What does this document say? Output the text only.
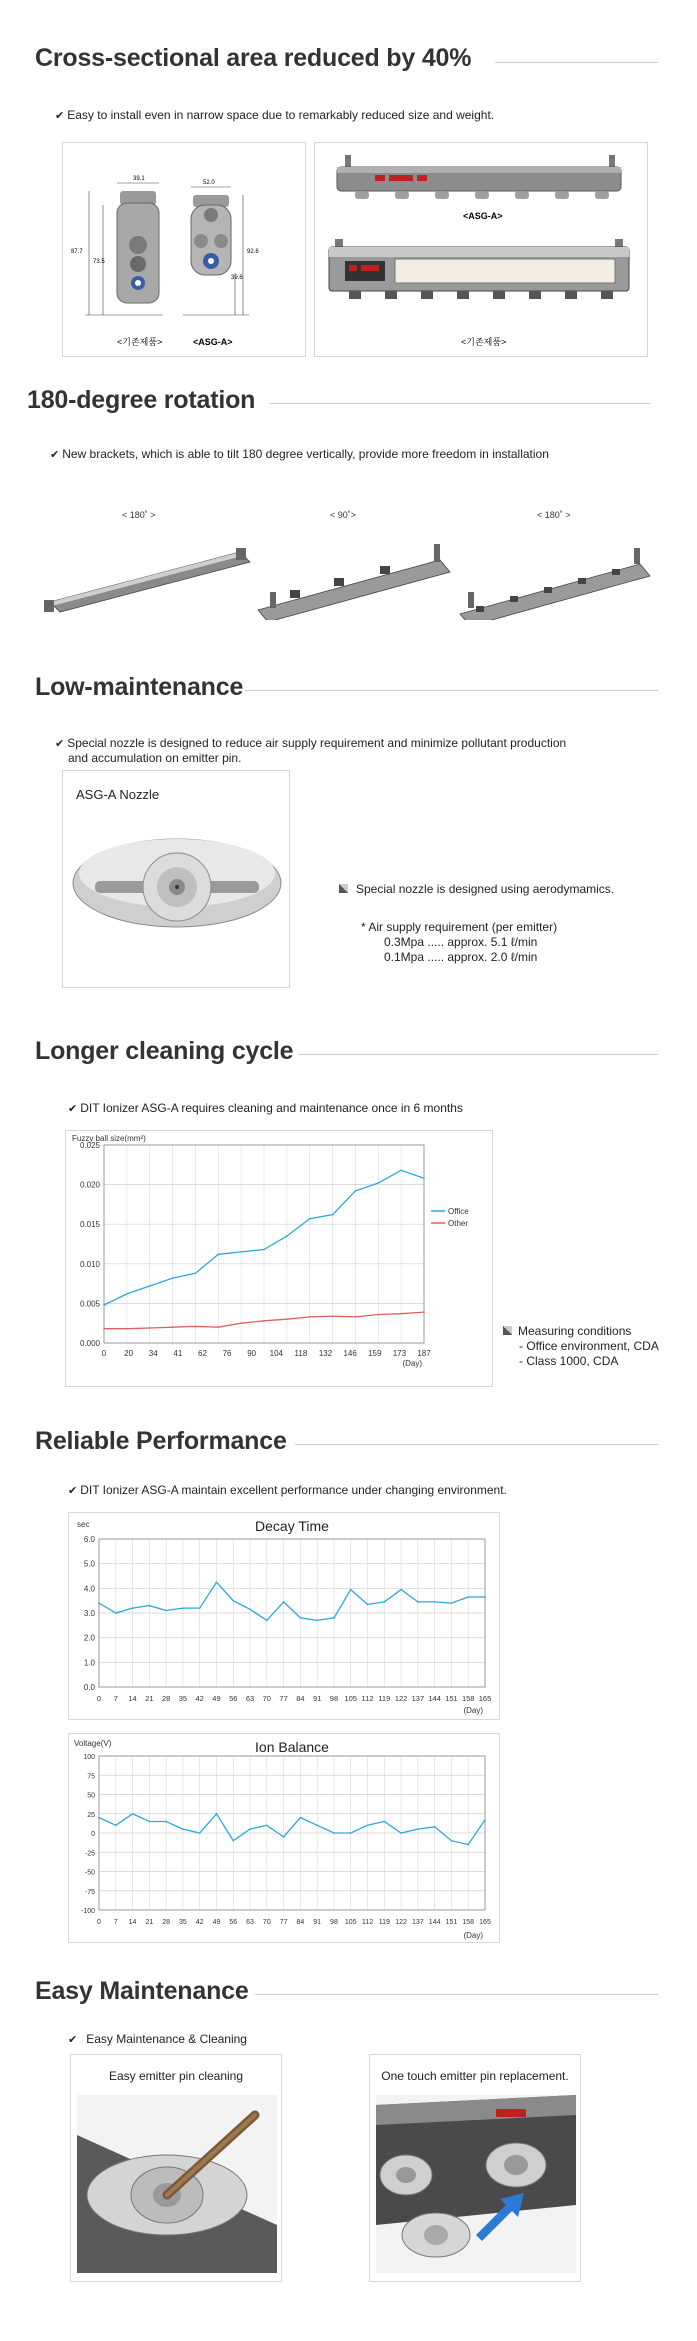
Cross-sectional area reduced by 40%
✔ Easy to install even in narrow space due to remarkably reduced size and weight.
39.1
87.7
73.5
52.0
92.6
39.6
<기존제품>	<ASG-A>
<ASG-A>
<기존제품>
180-degree rotation
✔ New brackets, which is able to tilt 180 degree vertically, provide more freedom in installation
< 180˚ >	< 90˚>	< 180˚ >
Low-maintenance
✔ Special nozzle is designed to reduce air supply requirement and minimize pollutant production
and accumulation on emitter pin.
ASG-A Nozzle
Special nozzle is designed using aerodymamics.
* Air supply requirement (per emitter)
0.3Mpa ..... approx. 5.1 ℓ/min
0.1Mpa ..... approx. 2.0 ℓ/min
Longer cleaning cycle
✔ DIT Ionizer ASG-A requires cleaning and maintenance once in 6 months
0.025
0.020
0.015
0.010
0.005
0.000
0 20 34 41 62 76 90 104 118 132 146 159 173 187
Fuzzy ball size(mm²)
(Day)
Office
Other
Measuring conditions
- Office environment, CDA
- Class 1000, CDA
Reliable Performance
✔ DIT Ionizer ASG-A maintain excellent performance under changing environment.
6.0
5.0
4.0
3.0
2.0
1.0
0.0
0 7 14 21 28 35 42 49 56 63 70 77 84 91 98 105 112 119 122 137 144 151 158 165
sec
(Day)
Decay Time
100
75
50
25
0
-25
-50
-75
-100
0 7 14 21 28 35 42 49 56 63 70 77 84 91 98 105 112 119 122 137 144 151 158 165
Voltage(V)
(Day)
Ion Balance
Easy Maintenance
✔ Easy Maintenance & Cleaning
Easy emitter pin cleaning	One touch emitter pin replacement.
